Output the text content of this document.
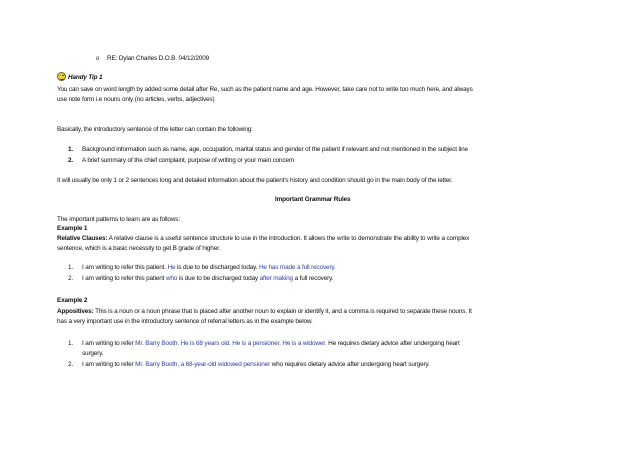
o RE: Dylan Charles D.O.B. 04/12/2009
Handy Tip 1
You can save on word length by added some detail after Re, such as the patient name and age. However, take care not to write too much here, and always
use note form i.e nouns only (no articles, verbs, adjectives)
Basically, the introductory sentence of the letter can contain the following:
1. Background information such as name, age, occupation, marital status and gender of the patient if relevant and not mentioned in the subject line
2. A brief summary of the chief complaint, purpose of writing or your main concern
It will usually be only 1 or 2 sentences long and detailed information about the patient's history and condition should go in the main body of the letter.
Important Grammar Rules
The important patterns to learn are as follows:
Example 1
Relative Clauses: A relative clause is a useful sentence structure to use in the introduction. It allows the write to demonstrate the ability to write a complex
sentence, which is a basic necessity to get B grade of higher.
1. I am writing to refer this patient. He is due to be discharged today. He has made a full recovery.
2. I am writing to refer this patient who is due to be discharged today after making a full recovery.
Example 2
Appositives: This is a noun or a noun phrase that is placed after another noun to explain or identify it, and a comma is required to separate these nouns. It
has a very important use in the introductory sentence of referral letters as in the example below.
1. I am writing to refer Mr. Barry Booth. He is 68 years old. He is a pensioner. He is a widower. He requires dietary advice after undergoing heart
surgery.
2. I am writing to refer Mr. Barry Booth, a 68-year-old widowed pensioner who requires dietary advice after undergoing heart surgery.
